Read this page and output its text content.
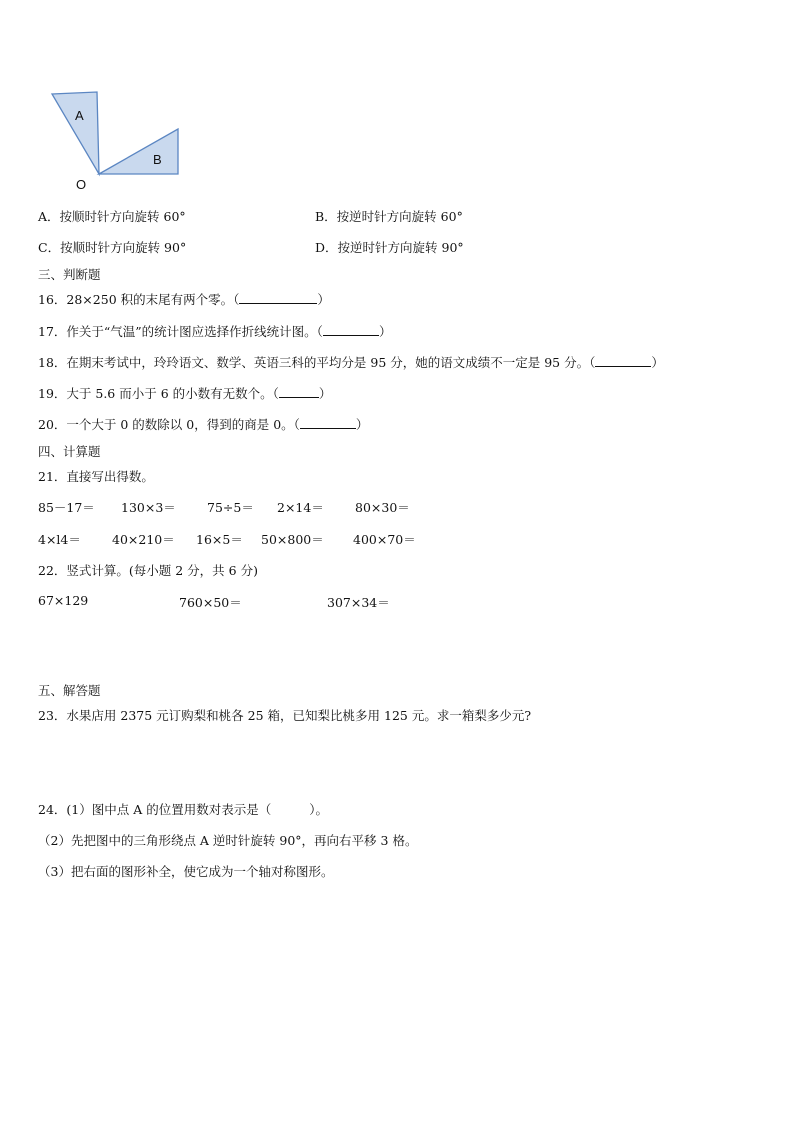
A
B
O
A．按顺时针方向旋转 60°	B．按逆时针方向旋转 60°
C．按顺时针方向旋转 90°	D．按逆时针方向旋转 90°
三、判断题
16．28×250 积的末尾有两个零。（	）
17．作关于“气温”的统计图应选择作折线统计图。（	）
18．在期末考试中，玲玲语文、数学、英语三科的平均分是 95 分，她的语文成绩不一定是 95 分。（	）
19．大于 5.6 而小于 6 的小数有无数个。（	）
20．一个大于 0 的数除以 0，得到的商是 0。（	）
四、计算题
21．直接写出得数。
85－17＝ 130×3＝ 75÷5＝ 2×14＝ 80×30＝
4×l4＝ 40×210＝ 16×5＝ 50×800＝ 400×70＝
22．竖式计算。(每小题 2 分，共 6 分)
67×129	760×50＝	307×34＝
五、解答题
23．水果店用 2375 元订购梨和桃各 25 箱，已知梨比桃多用 125 元。求一箱梨多少元?
24．(1）图中点 A 的位置用数对表示是（	）。
（2）先把图中的三角形绕点 A 逆时针旋转 90°，再向右平移 3 格。
（3）把右面的图形补全，使它成为一个轴对称图形。
